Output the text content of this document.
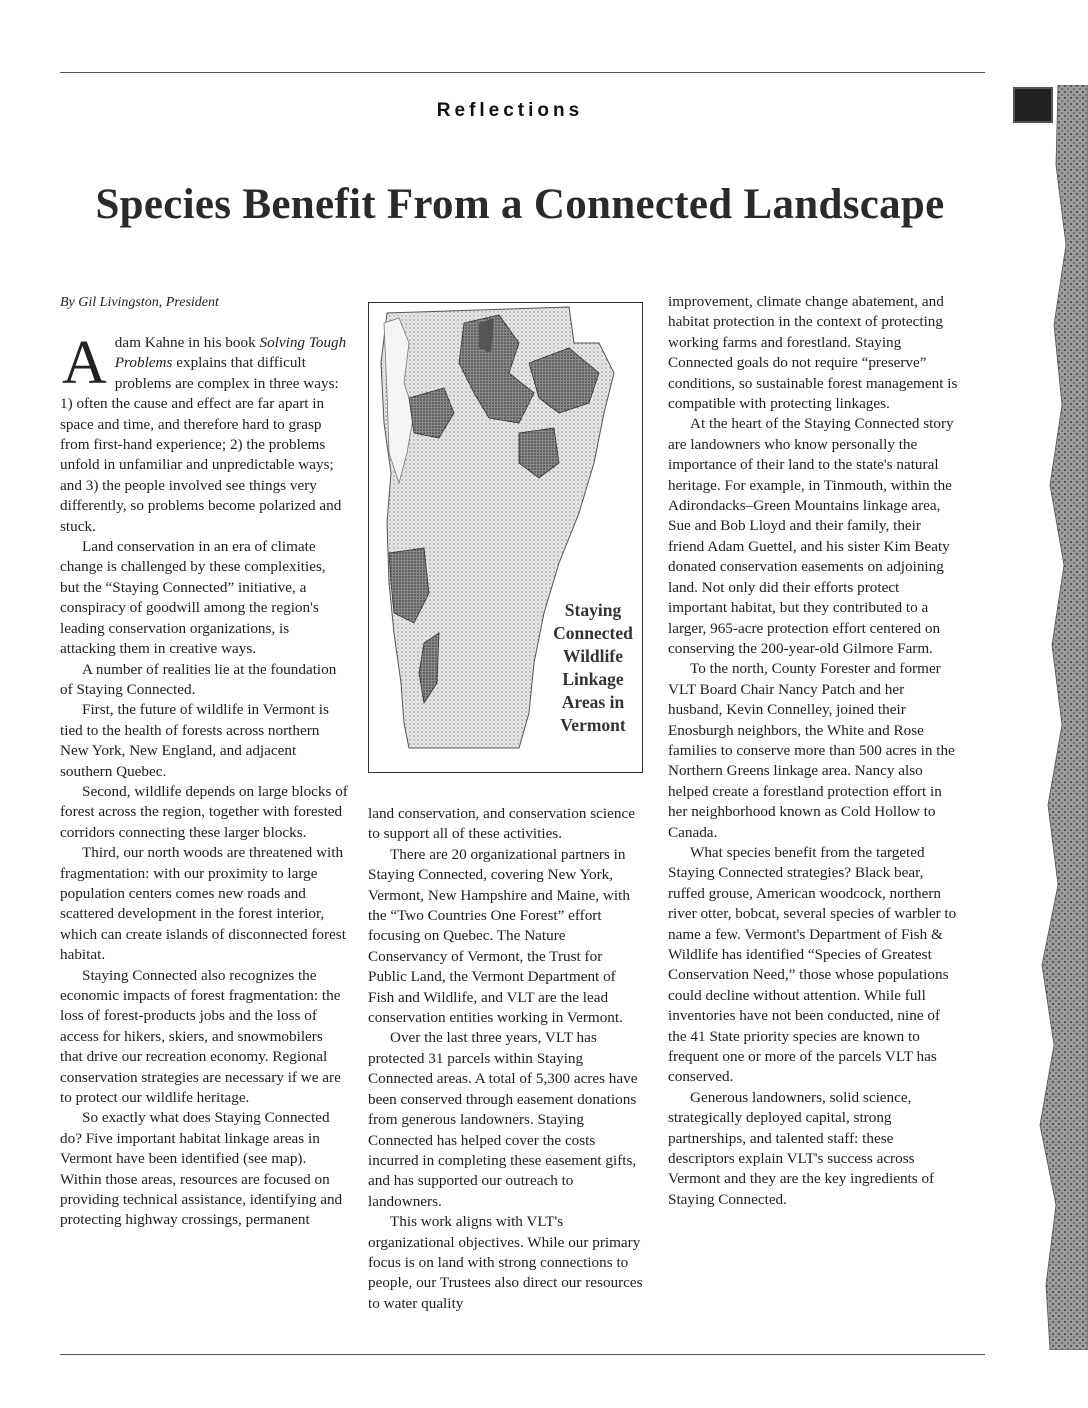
Reflections
Species Benefit From a Connected Landscape
By Gil Livingston, President

Adam Kahne in his book Solving Tough Problems explains that difficult problems are complex in three ways: 1) often the cause and effect are far apart in space and time, and therefore hard to grasp from first-hand experience; 2) the problems unfold in unfamiliar and unpredictable ways; and 3) the people involved see things very differently, so problems become polarized and stuck.

Land conservation in an era of climate change is challenged by these complexities, but the “Staying Connected” initiative, a conspiracy of goodwill among the region's leading conservation organizations, is attacking them in creative ways.

A number of realities lie at the foundation of Staying Connected.

First, the future of wildlife in Vermont is tied to the health of forests across northern New York, New England, and adjacent southern Quebec.

Second, wildlife depends on large blocks of forest across the region, together with forested corridors connecting these larger blocks.

Third, our north woods are threatened with fragmentation: with our proximity to large population centers comes new roads and scattered development in the forest interior, which can create islands of disconnected forest habitat.

Staying Connected also recognizes the economic impacts of forest fragmentation: the loss of forest-products jobs and the loss of access for hikers, skiers, and snowmobilers that drive our recreation economy. Regional conservation strategies are necessary if we are to protect our wildlife heritage.

So exactly what does Staying Connected do? Five important habitat linkage areas in Vermont have been identified (see map). Within those areas, resources are focused on providing technical assistance, identifying and protecting highway crossings, permanent

Staying
Connected
Wildlife
Linkage
Areas in
Vermont

land conservation, and conservation science to support all of these activities.

There are 20 organizational partners in Staying Connected, covering New York, Vermont, New Hampshire and Maine, with the “Two Countries One Forest” effort focusing on Quebec. The Nature Conservancy of Vermont, the Trust for Public Land, the Vermont Department of Fish and Wildlife, and VLT are the lead conservation entities working in Vermont.

Over the last three years, VLT has protected 31 parcels within Staying Connected areas. A total of 5,300 acres have been conserved through easement donations from generous landowners. Staying Connected has helped cover the costs incurred in completing these easement gifts, and has supported our outreach to landowners.

This work aligns with VLT's organizational objectives. While our primary focus is on land with strong connections to people, our Trustees also direct our resources to water quality

improvement, climate change abatement, and habitat protection in the context of protecting working farms and forestland. Staying Connected goals do not require “preserve” conditions, so sustainable forest management is compatible with protecting linkages.

At the heart of the Staying Connected story are landowners who know personally the importance of their land to the state's natural heritage. For example, in Tinmouth, within the Adirondacks–Green Mountains linkage area, Sue and Bob Lloyd and their family, their friend Adam Guettel, and his sister Kim Beaty donated conservation easements on adjoining land. Not only did their efforts protect important habitat, but they contributed to a larger, 965-acre protection effort centered on conserving the 200-year-old Gilmore Farm.

To the north, County Forester and former VLT Board Chair Nancy Patch and her husband, Kevin Connelley, joined their Enosburgh neighbors, the White and Rose families to conserve more than 500 acres in the Northern Greens linkage area. Nancy also helped create a forestland protection effort in her neighborhood known as Cold Hollow to Canada.

What species benefit from the targeted Staying Connected strategies? Black bear, ruffed grouse, American woodcock, northern river otter, bobcat, several species of warbler to name a few. Vermont's Department of Fish & Wildlife has identified “Species of Greatest Conservation Need,” those whose populations could decline without attention. While full inventories have not been conducted, nine of the 41 State priority species are known to frequent one or more of the parcels VLT has conserved.

Generous landowners, solid science, strategically deployed capital, strong partnerships, and talented staff: these descriptors explain VLT's success across Vermont and they are the key ingredients of Staying Connected.
